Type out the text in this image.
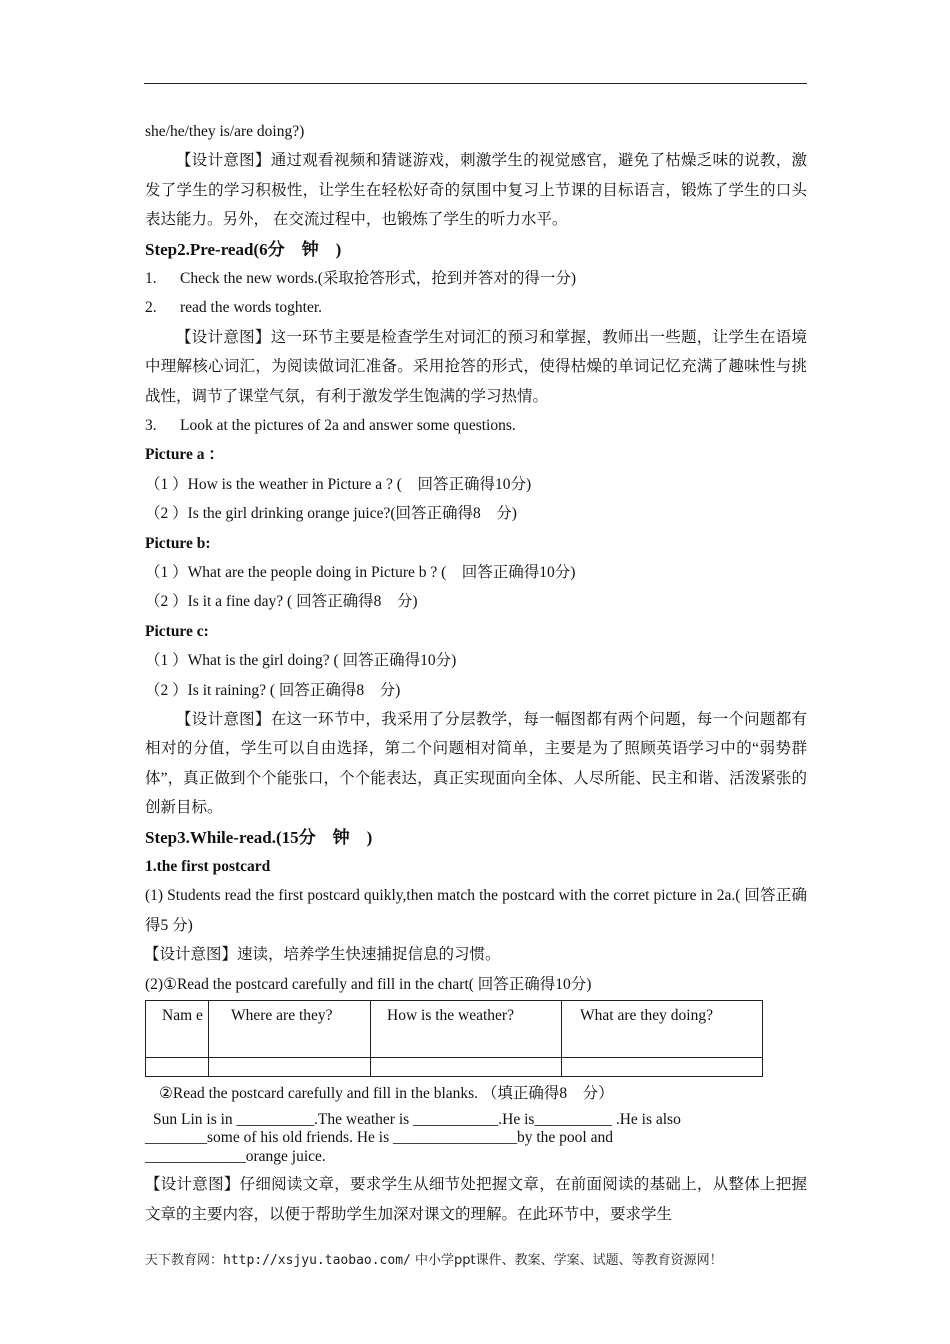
she/he/they is/are doing?)
【设计意图】通过观看视频和猜谜游戏，刺激学生的视觉感官，避免了枯燥乏味的说教，激发了学生的学习积极性，让学生在轻松好奇的氛围中复习上节课的目标语言，锻炼了学生的口头表达能力。另外， 在交流过程中，也锻炼了学生的听力水平。
Step2.Pre-read(6分　钟　)
1.	Check the new words.(采取抢答形式，抢到并答对的得一分)
2.	read the words toghter.
【设计意图】这一环节主要是检查学生对词汇的预习和掌握，教师出一些题，让学生在语境中理解核心词汇，为阅读做词汇准备。采用抢答的形式，使得枯燥的单词记忆充满了趣味性与挑战性，调节了课堂气氛，有利于激发学生饱满的学习热情。
3.	Look at the pictures of 2a and answer some questions.
Picture a ：
（1 ）How is the weather in Picture a ? (　回答正确得10分)
（2 ）Is the girl drinking orange juice?(回答正确得8　分)
Picture b:
（1 ）What are the people doing in Picture b ? (　回答正确得10分)
（2 ）Is it a fine day? ( 回答正确得8　分)
Picture c:
（1 ）What is the girl doing? ( 回答正确得10分)
（2 ）Is it raining? ( 回答正确得8　分)
【设计意图】在这一环节中，我采用了分层教学，每一幅图都有两个问题，每一个问题都有相对的分值，学生可以自由选择，第二个问题相对简单，主要是为了照顾英语学习中的“弱势群体”，真正做到个个能张口，个个能表达，真正实现面向全体、人尽所能、民主和谐、活泼紧张的创新目标。
Step3.While-read.(15分　钟　)
1.the first postcard
(1) Students read the first postcard quikly,then match the postcard with the corret picture in 2a.( 回答正确得5 分)
【设计意图】速读，培养学生快速捕捉信息的习惯。
(2)①Read the postcard carefully and fill in the chart( 回答正确得10分)
Nam e	Where are they?	How is the weather?	What are they doing?

②Read the postcard carefully and fill in the blanks. （填正确得8　分）
Sun Lin is in __________.The weather is ___________.He is__________ .He is also
________some of his old friends. He is ________________by the pool and
_____________orange juice.
【设计意图】仔细阅读文章，要求学生从细节处把握文章，在前面阅读的基础上，从整体上把握文章的主要内容，以便于帮助学生加深对课文的理解。在此环节中，要求学生
天下教育网：http://xsjyu.taobao.com/ 中小学ppt课件、教案、学案、试题、等教育资源网！
